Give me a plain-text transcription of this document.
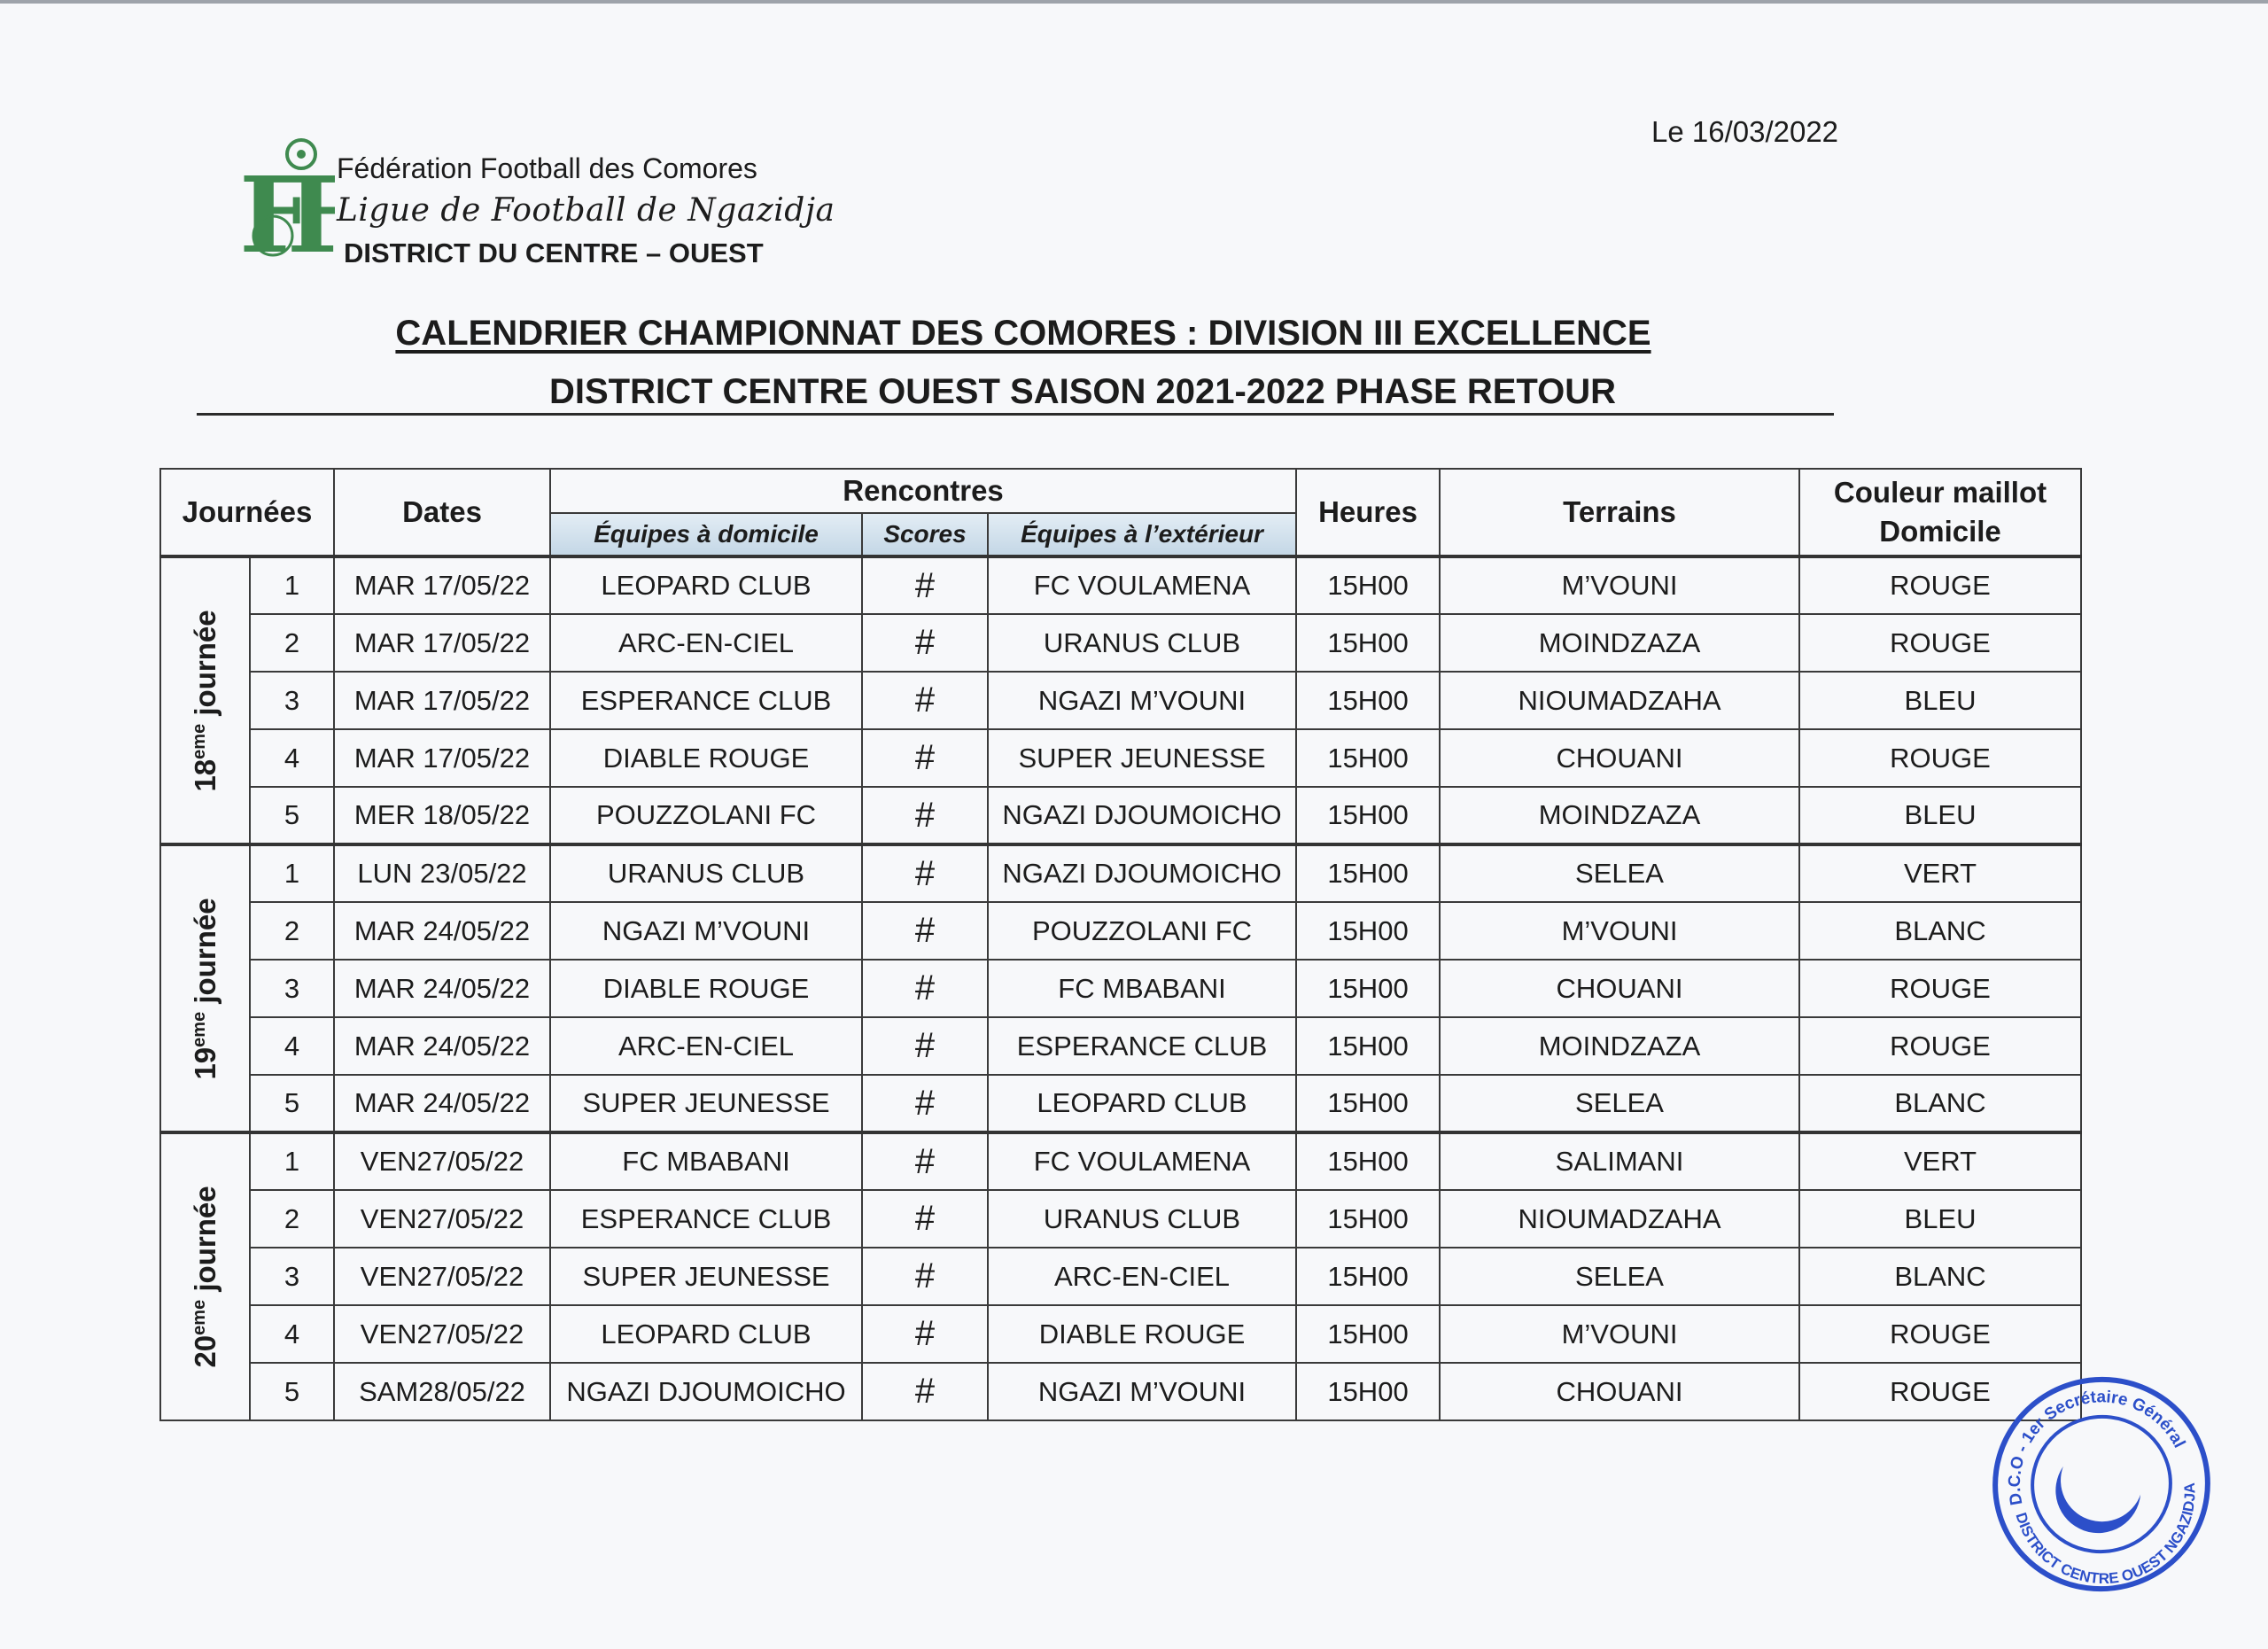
Le 16/03/2022
FF Fédération Football des Comores
Ligue de Football de Ngazidja
DISTRICT DU CENTRE – OUEST
CALENDRIER CHAMPIONNAT DES COMORES : DIVISION III EXCELLENCE
DISTRICT CENTRE OUEST SAISON 2021-2022 PHASE RETOUR
Journées		Dates	Rencontres			Heures	Terrains	Couleur maillot
Domicile

			Équipes à domicile	Scores	Équipes à l’extérieur			

18eme journée	1	MAR 17/05/22	LEOPARD CLUB	#	FC VOULAMENA	15H00	M’VOUNI	ROUGE
	2	MAR 17/05/22	ARC-EN-CIEL	#	URANUS CLUB	15H00	MOINDZAZA	ROUGE
	3	MAR 17/05/22	ESPERANCE CLUB	#	NGAZI M’VOUNI	15H00	NIOUMADZAHA	BLEU
	4	MAR 17/05/22	DIABLE ROUGE	#	SUPER JEUNESSE	15H00	CHOUANI	ROUGE
	5	MER 18/05/22	POUZZOLANI FC	#	NGAZI DJOUMOICHO	15H00	MOINDZAZA	BLEU

19eme journée	1	LUN 23/05/22	URANUS CLUB	#	NGAZI DJOUMOICHO	15H00	SELEA	VERT
	2	MAR 24/05/22	NGAZI M’VOUNI	#	POUZZOLANI FC	15H00	M’VOUNI	BLANC
	3	MAR 24/05/22	DIABLE ROUGE	#	FC MBABANI	15H00	CHOUANI	ROUGE
	4	MAR 24/05/22	ARC-EN-CIEL	#	ESPERANCE CLUB	15H00	MOINDZAZA	ROUGE
	5	MAR 24/05/22	SUPER JEUNESSE	#	LEOPARD CLUB	15H00	SELEA	BLANC

20eme journée	1	VEN27/05/22	FC MBABANI	#	FC VOULAMENA	15H00	SALIMANI	VERT
	2	VEN27/05/22	ESPERANCE CLUB	#	URANUS CLUB	15H00	NIOUMADZAHA	BLEU
	3	VEN27/05/22	SUPER JEUNESSE	#	ARC-EN-CIEL	15H00	SELEA	BLANC
	4	VEN27/05/22	LEOPARD CLUB	#	DIABLE ROUGE	15H00	M’VOUNI	ROUGE
	5	SAM28/05/22	NGAZI DJOUMOICHO	#	NGAZI M’VOUNI	15H00	CHOUANI	ROUGE
D.C.O - 1er Secrétaire Général
DISTRICT CENTRE OUEST NGAZIDJA
